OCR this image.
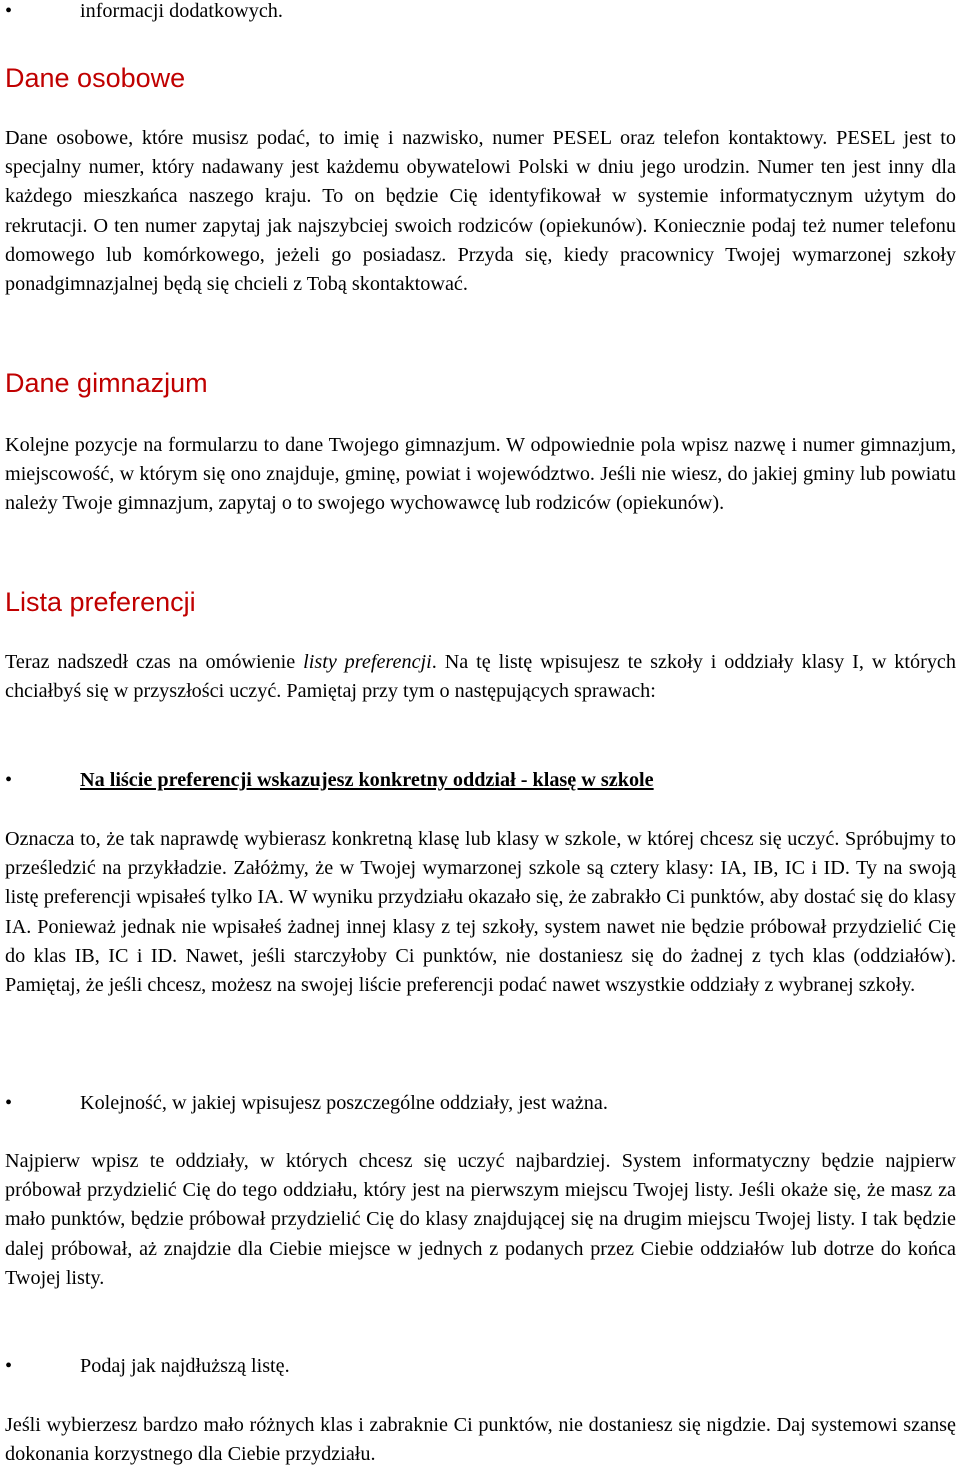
•	informacji dodatkowych.
Dane osobowe

Dane osobowe, które musisz podać, to imię i nazwisko, numer PESEL oraz telefon kontaktowy. PESEL jest to specjalny numer, który nadawany jest każdemu obywatelowi Polski w dniu jego urodzin. Numer ten jest inny dla każdego mieszkańca naszego kraju. To on będzie Cię identyfikował w systemie informatycznym użytym do rekrutacji. O ten numer zapytaj jak najszybciej swoich rodziców (opiekunów). Koniecznie podaj też numer telefonu domowego lub komórkowego, jeżeli go posiadasz. Przyda się, kiedy pracownicy Twojej wymarzonej szkoły ponadgimnazjalnej będą się chcieli z Tobą skontaktować.

Dane gimnazjum

Kolejne pozycje na formularzu to dane Twojego gimnazjum. W odpowiednie pola wpisz nazwę i numer gimnazjum, miejscowość, w którym się ono znajduje, gminę, powiat i województwo. Jeśli nie wiesz, do jakiej gminy lub powiatu należy Twoje gimnazjum, zapytaj o to swojego wychowawcę lub rodziców (opiekunów).

Lista preferencji

Teraz nadszedł czas na omówienie listy preferencji. Na tę listę wpisujesz te szkoły i oddziały klasy I, w których chciałbyś się w przyszłości uczyć. Pamiętaj przy tym o następujących sprawach:

•	Na liście preferencji wskazujesz konkretny oddział - klasę w szkole

Oznacza to, że tak naprawdę wybierasz konkretną klasę lub klasy w szkole, w której chcesz się uczyć. Spróbujmy to prześledzić na przykładzie. Załóżmy, że w Twojej wymarzonej szkole są cztery klasy: IA, IB, IC i ID. Ty na swoją listę preferencji wpisałeś tylko IA. W wyniku przydziału okazało się, że zabrakło Ci punktów, aby dostać się do klasy IA. Ponieważ jednak nie wpisałeś żadnej innej klasy z tej szkoły, system nawet nie będzie próbował przydzielić Cię do klas IB, IC i ID. Nawet, jeśli starczyłoby Ci punktów, nie dostaniesz się do żadnej z tych klas (oddziałów). Pamiętaj, że jeśli chcesz, możesz na swojej liście preferencji podać nawet wszystkie oddziały z wybranej szkoły.

•	Kolejność, w jakiej wpisujesz poszczególne oddziały, jest ważna.

Najpierw wpisz te oddziały, w których chcesz się uczyć najbardziej. System informatyczny będzie najpierw próbował przydzielić Cię do tego oddziału, który jest na pierwszym miejscu Twojej listy. Jeśli okaże się, że masz za mało punktów, będzie próbował przydzielić Cię do klasy znajdującej się na drugim miejscu Twojej listy. I tak będzie dalej próbował, aż znajdzie dla Ciebie miejsce w jednych z podanych przez Ciebie oddziałów lub dotrze do końca Twojej listy.

•	Podaj jak najdłuższą listę.

Jeśli wybierzesz bardzo mało różnych klas i zabraknie Ci punktów, nie dostaniesz się nigdzie. Daj systemowi szansę dokonania korzystnego dla Ciebie przydziału.
